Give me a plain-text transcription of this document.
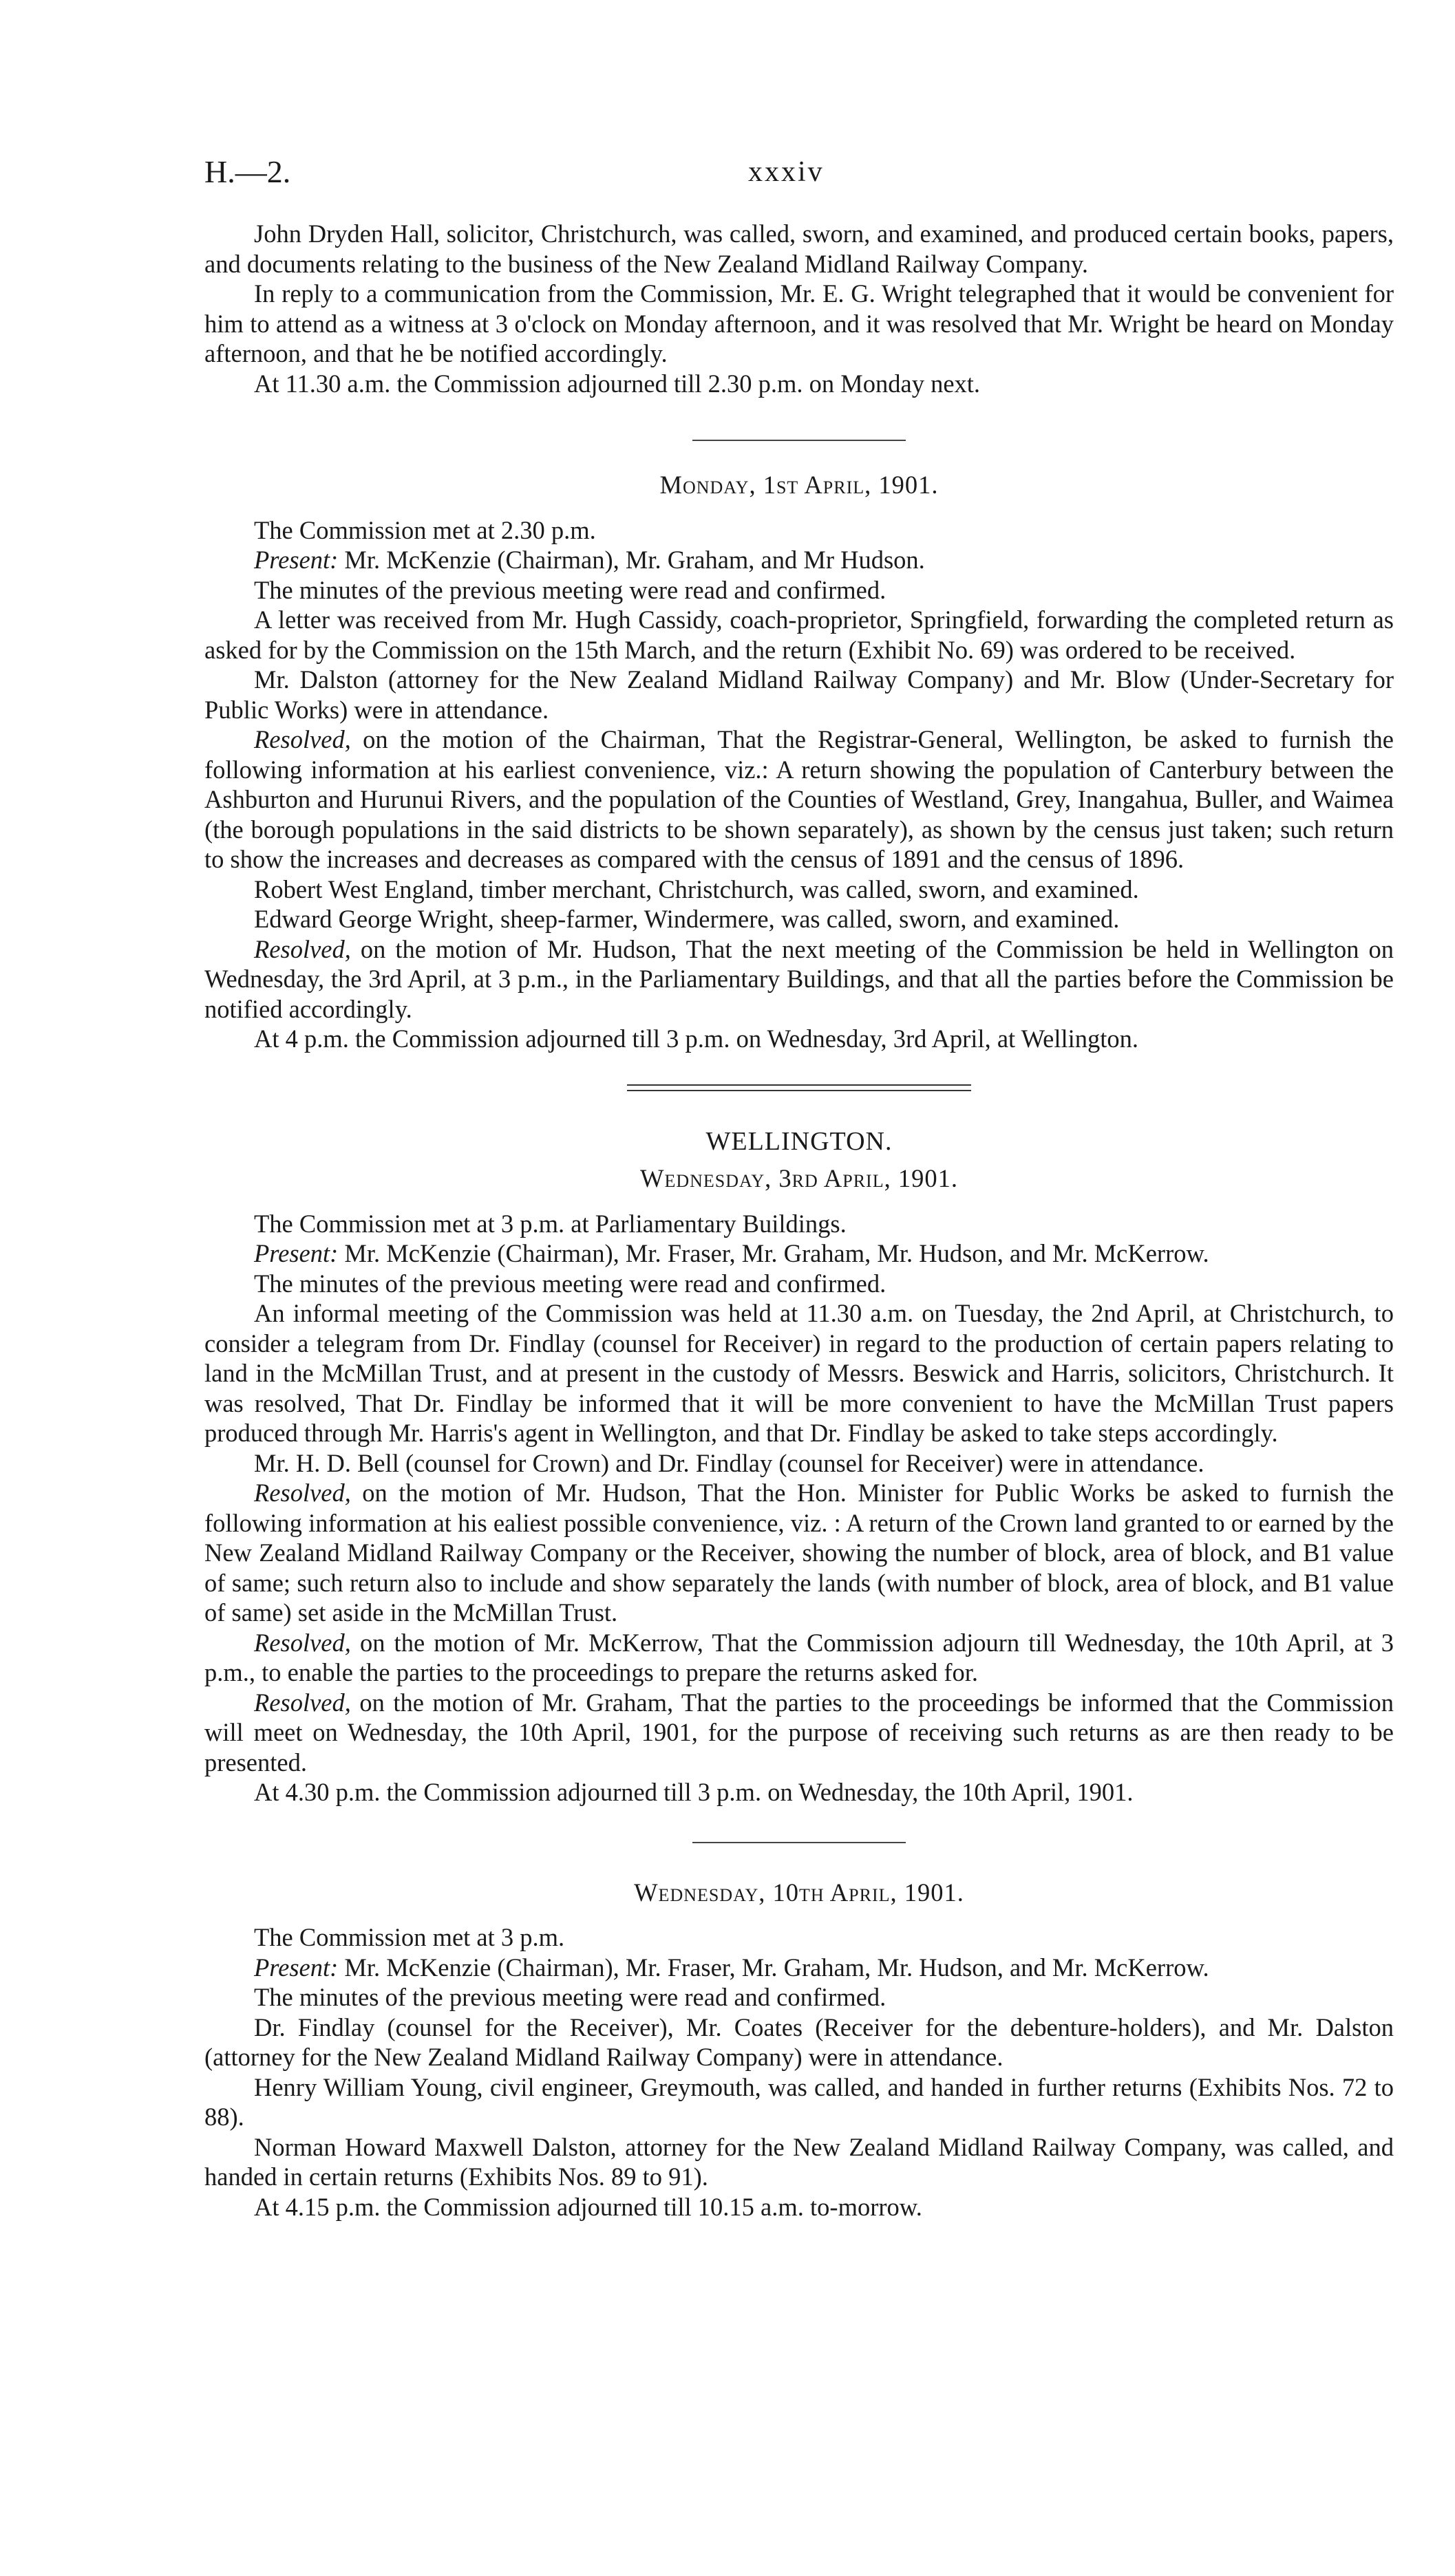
H.—2.	xxxiv

John Dryden Hall, solicitor, Christchurch, was called, sworn, and examined, and produced certain books, papers, and documents relating to the business of the New Zealand Midland Railway Company.

In reply to a communication from the Commission, Mr. E. G. Wright telegraphed that it would be convenient for him to attend as a witness at 3 o'clock on Monday afternoon, and it was resolved that Mr. Wright be heard on Monday afternoon, and that he be notified accordingly.

At 11.30 a.m. the Commission adjourned till 2.30 p.m. on Monday next.

Monday, 1st April, 1901.

The Commission met at 2.30 p.m.

Present: Mr. McKenzie (Chairman), Mr. Graham, and Mr Hudson.

The minutes of the previous meeting were read and confirmed.

A letter was received from Mr. Hugh Cassidy, coach-proprietor, Springfield, forwarding the completed return as asked for by the Commission on the 15th March, and the return (Exhibit No. 69) was ordered to be received.

Mr. Dalston (attorney for the New Zealand Midland Railway Company) and Mr. Blow (Under-Secretary for Public Works) were in attendance.

Resolved, on the motion of the Chairman, That the Registrar-General, Wellington, be asked to furnish the following information at his earliest convenience, viz.: A return showing the population of Canterbury between the Ashburton and Hurunui Rivers, and the population of the Counties of Westland, Grey, Inangahua, Buller, and Waimea (the borough populations in the said districts to be shown separately), as shown by the census just taken; such return to show the increases and decreases as compared with the census of 1891 and the census of 1896.

Robert West England, timber merchant, Christchurch, was called, sworn, and examined.

Edward George Wright, sheep-farmer, Windermere, was called, sworn, and examined.

Resolved, on the motion of Mr. Hudson, That the next meeting of the Commission be held in Wellington on Wednesday, the 3rd April, at 3 p.m., in the Parliamentary Buildings, and that all the parties before the Commission be notified accordingly.

At 4 p.m. the Commission adjourned till 3 p.m. on Wednesday, 3rd April, at Wellington.

WELLINGTON.
Wednesday, 3rd April, 1901.

The Commission met at 3 p.m. at Parliamentary Buildings.

Present: Mr. McKenzie (Chairman), Mr. Fraser, Mr. Graham, Mr. Hudson, and Mr. McKerrow.

The minutes of the previous meeting were read and confirmed.

An informal meeting of the Commission was held at 11.30 a.m. on Tuesday, the 2nd April, at Christchurch, to consider a telegram from Dr. Findlay (counsel for Receiver) in regard to the production of certain papers relating to land in the McMillan Trust, and at present in the custody of Messrs. Beswick and Harris, solicitors, Christchurch. It was resolved, That Dr. Findlay be informed that it will be more convenient to have the McMillan Trust papers produced through Mr. Harris's agent in Wellington, and that Dr. Findlay be asked to take steps accordingly.

Mr. H. D. Bell (counsel for Crown) and Dr. Findlay (counsel for Receiver) were in attendance.

Resolved, on the motion of Mr. Hudson, That the Hon. Minister for Public Works be asked to furnish the following information at his ealiest possible convenience, viz. : A return of the Crown land granted to or earned by the New Zealand Midland Railway Company or the Receiver, showing the number of block, area of block, and B1 value of same; such return also to include and show separately the lands (with number of block, area of block, and B1 value of same) set aside in the McMillan Trust.

Resolved, on the motion of Mr. McKerrow, That the Commission adjourn till Wednesday, the 10th April, at 3 p.m., to enable the parties to the proceedings to prepare the returns asked for.

Resolved, on the motion of Mr. Graham, That the parties to the proceedings be informed that the Commission will meet on Wednesday, the 10th April, 1901, for the purpose of receiving such returns as are then ready to be presented.

At 4.30 p.m. the Commission adjourned till 3 p.m. on Wednesday, the 10th April, 1901.

Wednesday, 10th April, 1901.

The Commission met at 3 p.m.

Present: Mr. McKenzie (Chairman), Mr. Fraser, Mr. Graham, Mr. Hudson, and Mr. McKerrow.

The minutes of the previous meeting were read and confirmed.

Dr. Findlay (counsel for the Receiver), Mr. Coates (Receiver for the debenture-holders), and Mr. Dalston (attorney for the New Zealand Midland Railway Company) were in attendance.

Henry William Young, civil engineer, Greymouth, was called, and handed in further returns (Exhibits Nos. 72 to 88).

Norman Howard Maxwell Dalston, attorney for the New Zealand Midland Railway Company, was called, and handed in certain returns (Exhibits Nos. 89 to 91).

At 4.15 p.m. the Commission adjourned till 10.15 a.m. to-morrow.
